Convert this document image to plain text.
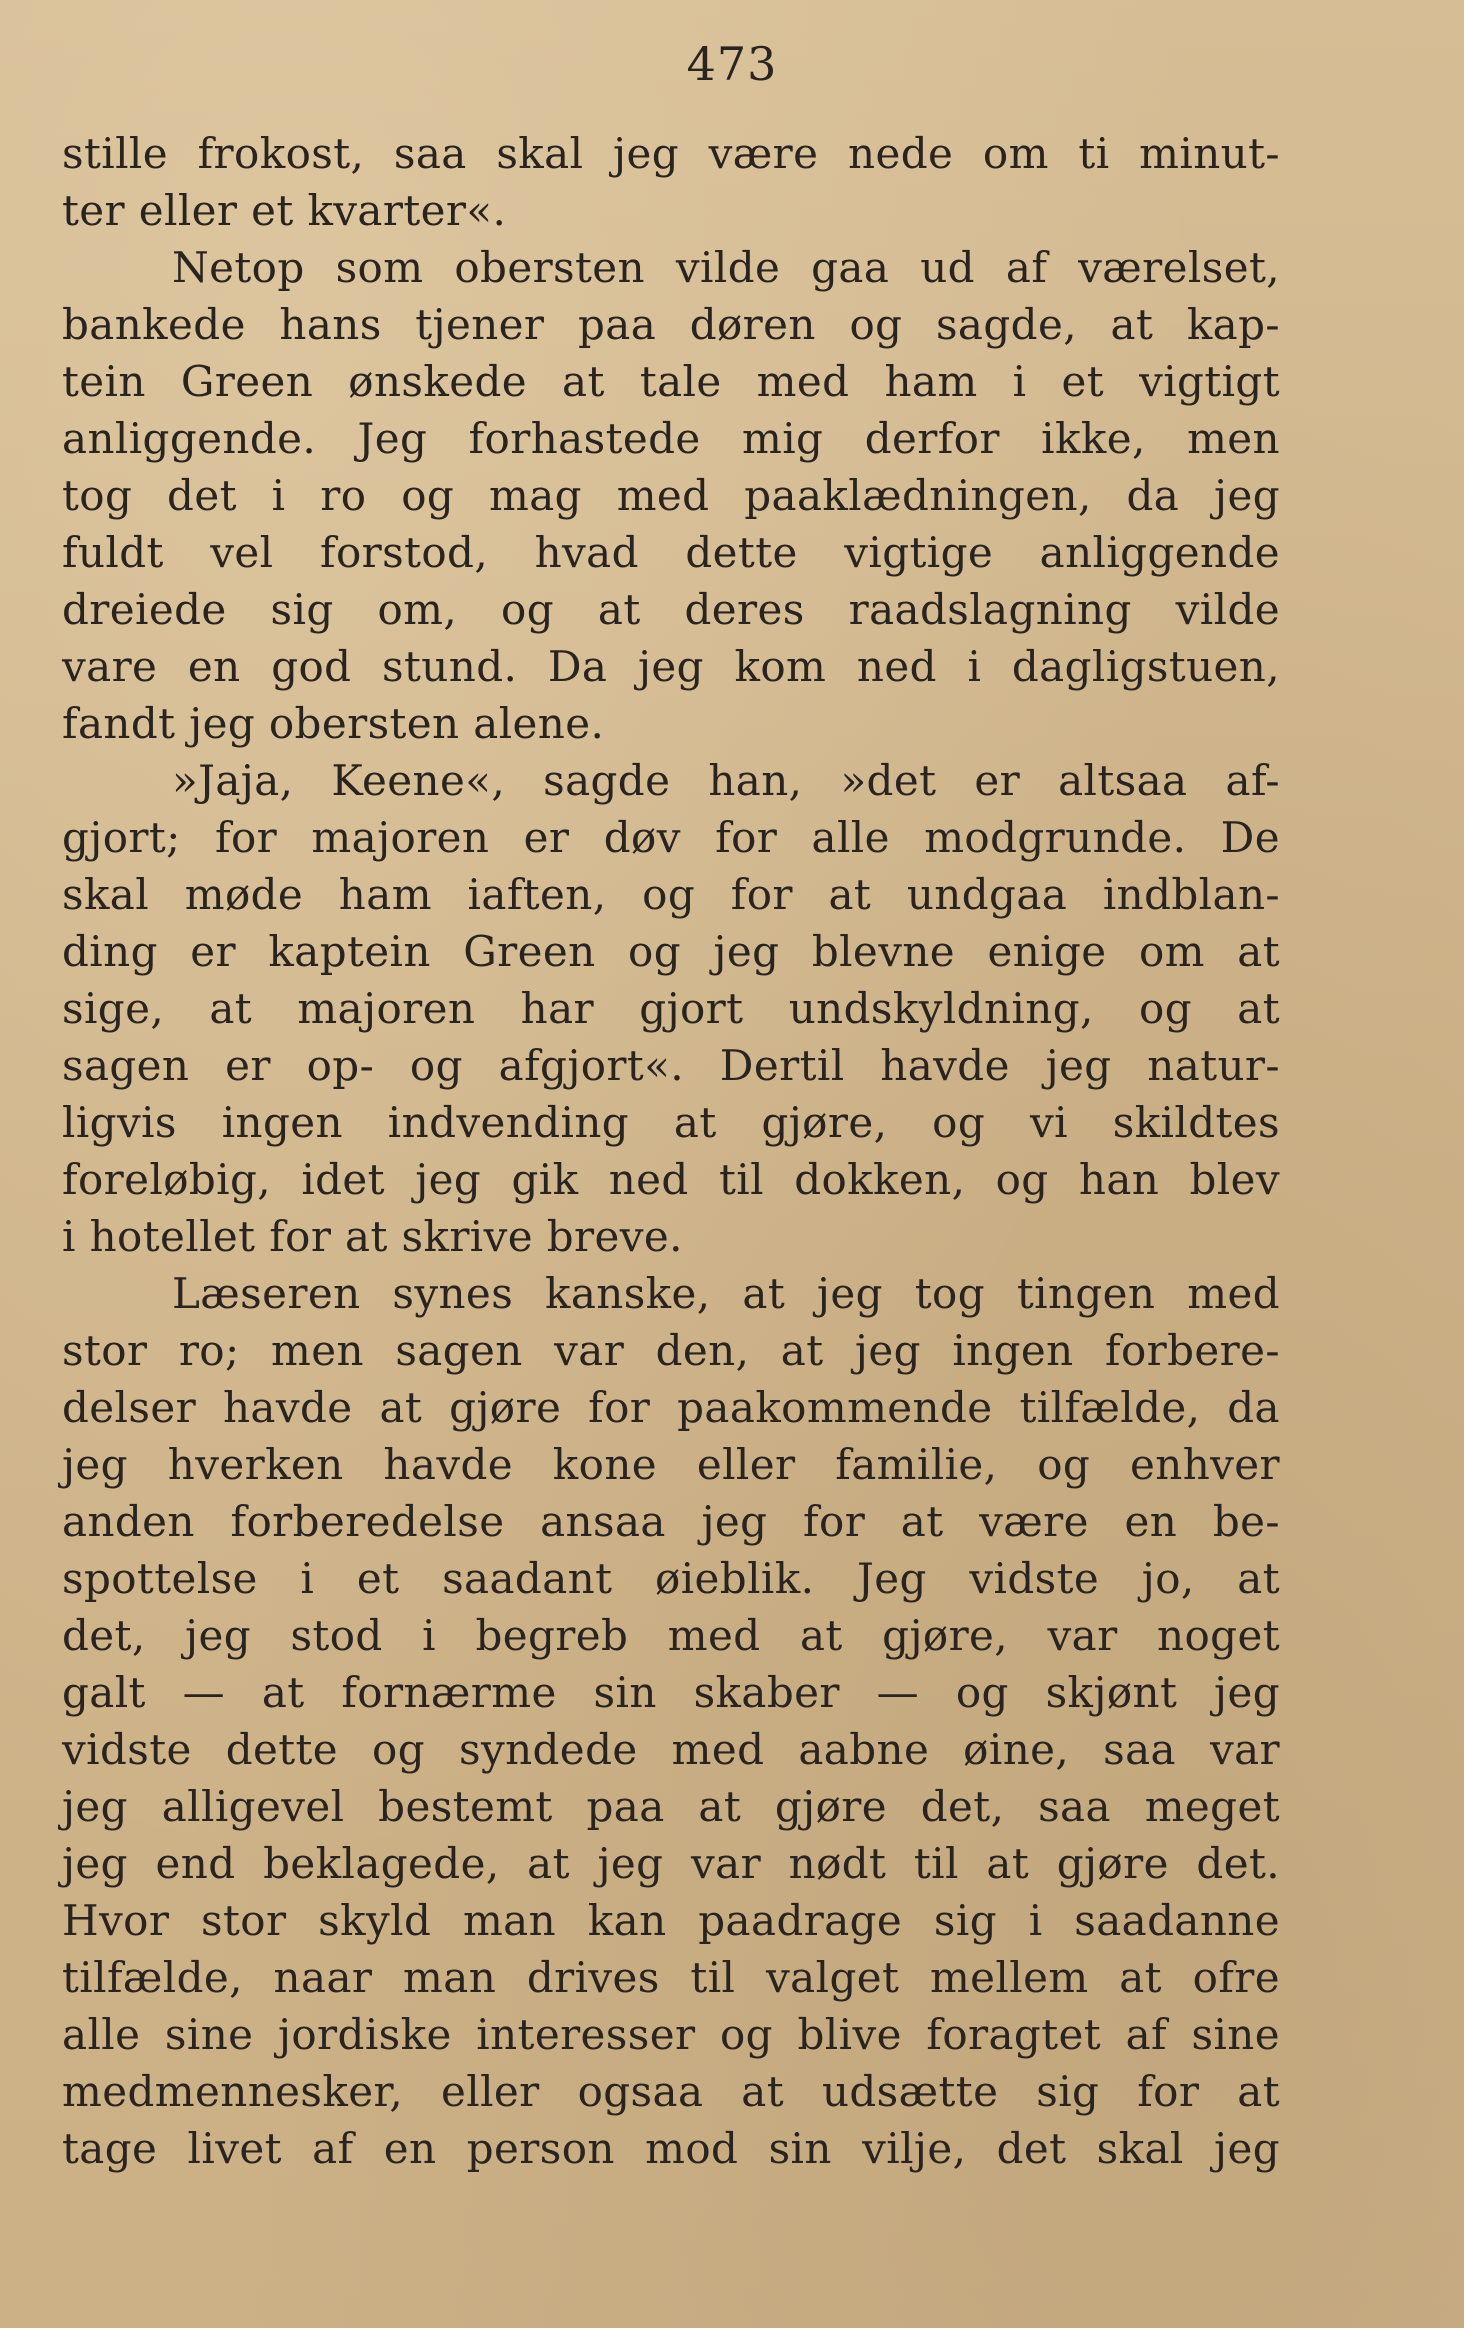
473
stille frokost, saa skal jeg være nede om ti minut-
ter eller et kvarter«.
Netop som obersten vilde gaa ud af værelset,
bankede hans tjener paa døren og sagde, at kap-
tein Green ønskede at tale med ham i et vigtigt
anliggende. Jeg forhastede mig derfor ikke, men
tog det i ro og mag med paaklædningen, da jeg
fuldt vel forstod, hvad dette vigtige anliggende
dreiede sig om, og at deres raadslagning vilde
vare en god stund. Da jeg kom ned i dagligstuen,
fandt jeg obersten alene.
»Jaja, Keene«, sagde han, »det er altsaa af-
gjort; for majoren er døv for alle modgrunde. De
skal møde ham iaften, og for at undgaa indblan-
ding er kaptein Green og jeg blevne enige om at
sige, at majoren har gjort undskyldning, og at
sagen er op- og afgjort«. Dertil havde jeg natur-
ligvis ingen indvending at gjøre, og vi skildtes
foreløbig, idet jeg gik ned til dokken, og han blev
i hotellet for at skrive breve.
Læseren synes kanske, at jeg tog tingen med
stor ro; men sagen var den, at jeg ingen forbere-
delser havde at gjøre for paakommende tilfælde, da
jeg hverken havde kone eller familie, og enhver
anden forberedelse ansaa jeg for at være en be-
spottelse i et saadant øieblik. Jeg vidste jo, at
det, jeg stod i begreb med at gjøre, var noget
galt — at fornærme sin skaber — og skjønt jeg
vidste dette og syndede med aabne øine, saa var
jeg alligevel bestemt paa at gjøre det, saa meget
jeg end beklagede, at jeg var nødt til at gjøre det.
Hvor stor skyld man kan paadrage sig i saadanne
tilfælde, naar man drives til valget mellem at ofre
alle sine jordiske interesser og blive foragtet af sine
medmennesker, eller ogsaa at udsætte sig for at
tage livet af en person mod sin vilje, det skal jeg
